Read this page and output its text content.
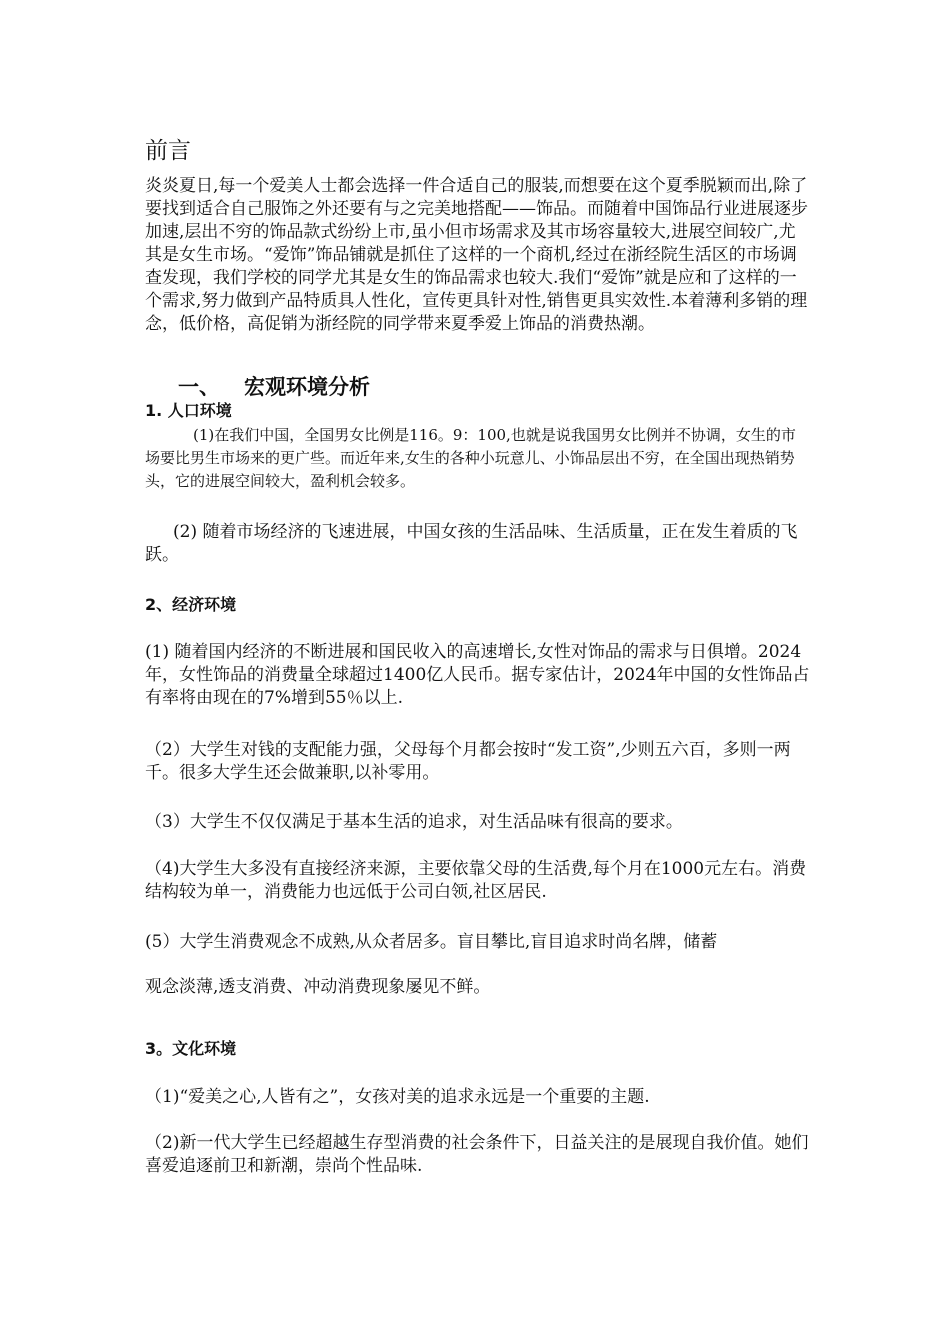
前言

炎炎夏日,每一个爱美人士都会选择一件合适自己的服装,而想要在这个夏季脱颖而出,除了要找到适合自己服饰之外还要有与之完美地搭配——饰品。而随着中国饰品行业进展逐步加速,层出不穷的饰品款式纷纷上市,虽小但市场需求及其市场容量较大,进展空间较广,尤其是女生市场。“爱饰”饰品铺就是抓住了这样的一个商机,经过在浙经院生活区的市场调查发现，我们学校的同学尤其是女生的饰品需求也较大.我们“爱饰”就是应和了这样的一个需求,努力做到产品特质具人性化，宣传更具针对性,销售更具实效性.本着薄利多销的理念，低价格，高促销为浙经院的同学带来夏季爱上饰品的消费热潮。

一、 宏观环境分析
1. 人口环境

(1)在我们中国，全国男女比例是116。9：100,也就是说我国男女比例并不协调，女生的市场要比男生市场来的更广些。而近年来,女生的各种小玩意儿、小饰品层出不穷，在全国出现热销势头，它的进展空间较大，盈利机会较多。

(2) 随着市场经济的飞速进展，中国女孩的生活品味、生活质量，正在发生着质的飞跃。

2、经济环境

(1) 随着国内经济的不断进展和国民收入的高速增长,女性对饰品的需求与日俱增。2024年，女性饰品的消费量全球超过1400亿人民币。据专家估计，2024年中国的女性饰品占有率将由现在的7%增到55％以上.

（2）大学生对钱的支配能力强，父母每个月都会按时“发工资”,少则五六百，多则一两千。很多大学生还会做兼职,以补零用。

（3）大学生不仅仅满足于基本生活的追求，对生活品味有很高的要求。

（4)大学生大多没有直接经济来源，主要依靠父母的生活费,每个月在1000元左右。消费结构较为单一，消费能力也远低于公司白领,社区居民.

(5）大学生消费观念不成熟,从众者居多。盲目攀比,盲目追求时尚名牌，储蓄

观念淡薄,透支消费、冲动消费现象屡见不鲜。

3。文化环境

（1)“爱美之心,人皆有之”，女孩对美的追求永远是一个重要的主题.

（2)新一代大学生已经超越生存型消费的社会条件下，日益关注的是展现自我价值。她们喜爱追逐前卫和新潮，崇尚个性品味.
